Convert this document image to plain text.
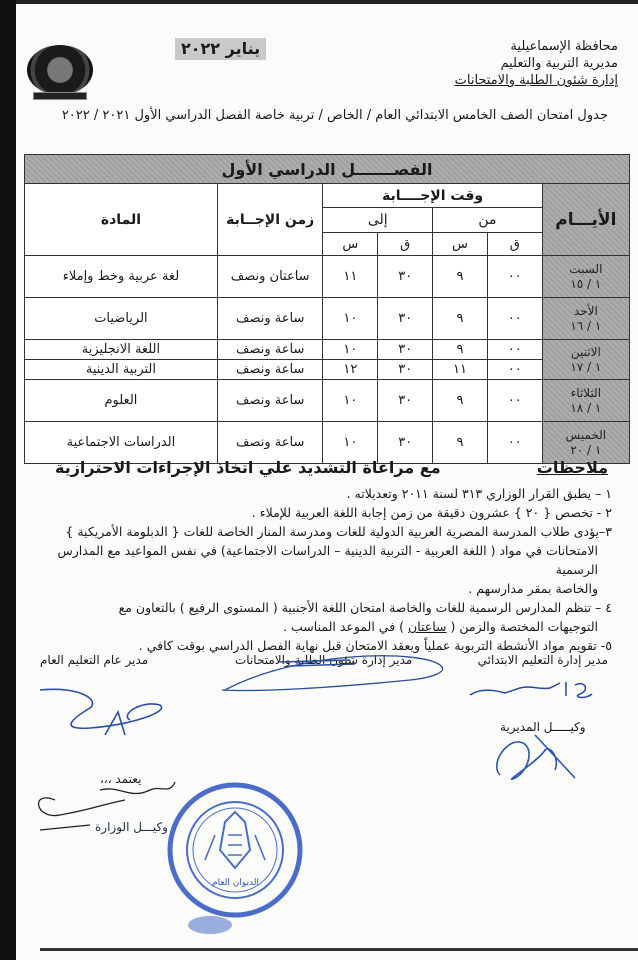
محافظة الإسماعيلية
مديرية التربية والتعليم
إدارة شئون الطلبة والامتحانات
يناير ٢٠٢٢
جدول امتحان الصف الخامس الابتدائي العام / الخاص / تربية خاصة الفصل الدراسي الأول ٢٠٢١ / ٢٠٢٢
الفصـــــــل الدراسي الأول						
الأيـــام	وقت الإجــــابة				زمن الإجــابة	المادة
	من		إلى			
	ق	س	ق	س		

السبت
١ / ١٥	٠٠	٩	٣٠	١١	ساعتان ونصف	لغة عربية وخط وإملاء

الأحد
١ / ١٦	٠٠	٩	٣٠	١٠	ساعة ونصف	الرياضيات

الاثنين
١ / ١٧	٠٠	٩	٣٠	١٠	ساعة ونصف	اللغة الانجليزية
	٠٠	١١	٣٠	١٢	ساعة ونصف	التربية الدينية

الثلاثاء
١ / ١٨	٠٠	٩	٣٠	١٠	ساعة ونصف	العلوم

الخميس
١ / ٢٠	٠٠	٩	٣٠	١٠	ساعة ونصف	الدراسات الاجتماعية
ملاحظات
مع مراعاة التشديد علي اتخاذ الإجراءات الاحترازية
١ – يطبق القرار الوزاري ٣١٣ لسنة ٢٠١١ وتعديلاته .
٢ - تخصص { ٢٠ } عشرون دقيقة من زمن إجابة اللغة العربية للإملاء .
٣–يؤدى طلاب المدرسة المصرية العربية الدولية للغات ومدرسة المنار الخاصة للغات { الدبلومة الأمريكية }
الامتحانات في مواد ( اللغة العربية - التربية الدينية – الدراسات الاجتماعية) في نفس المواعيد مع المدارس الرسمية
والخاصة بمقر مدارسهم .
٤ – تنظم المدارس الرسمية للغات والخاصة امتحان اللغة الأجنبية ( المستوى الرفيع ) بالتعاون مع
التوجيهات المختصة والزمن ( ساعتان ) في الموعد المناسب .
٥- تقويم مواد الأنشطة التربوية عملياً ويعقد الامتحان قبل نهاية الفصل الدراسي بوقت كافي .
مدير إدارة التعليم الابتدائي
مدير إدارة شئون الطلبة والامتحانات
مدير عام التعليم العام
وكيـــــل المديرية
يعتمد ،،،
وكيـــل الوزارة
الديوان العام
